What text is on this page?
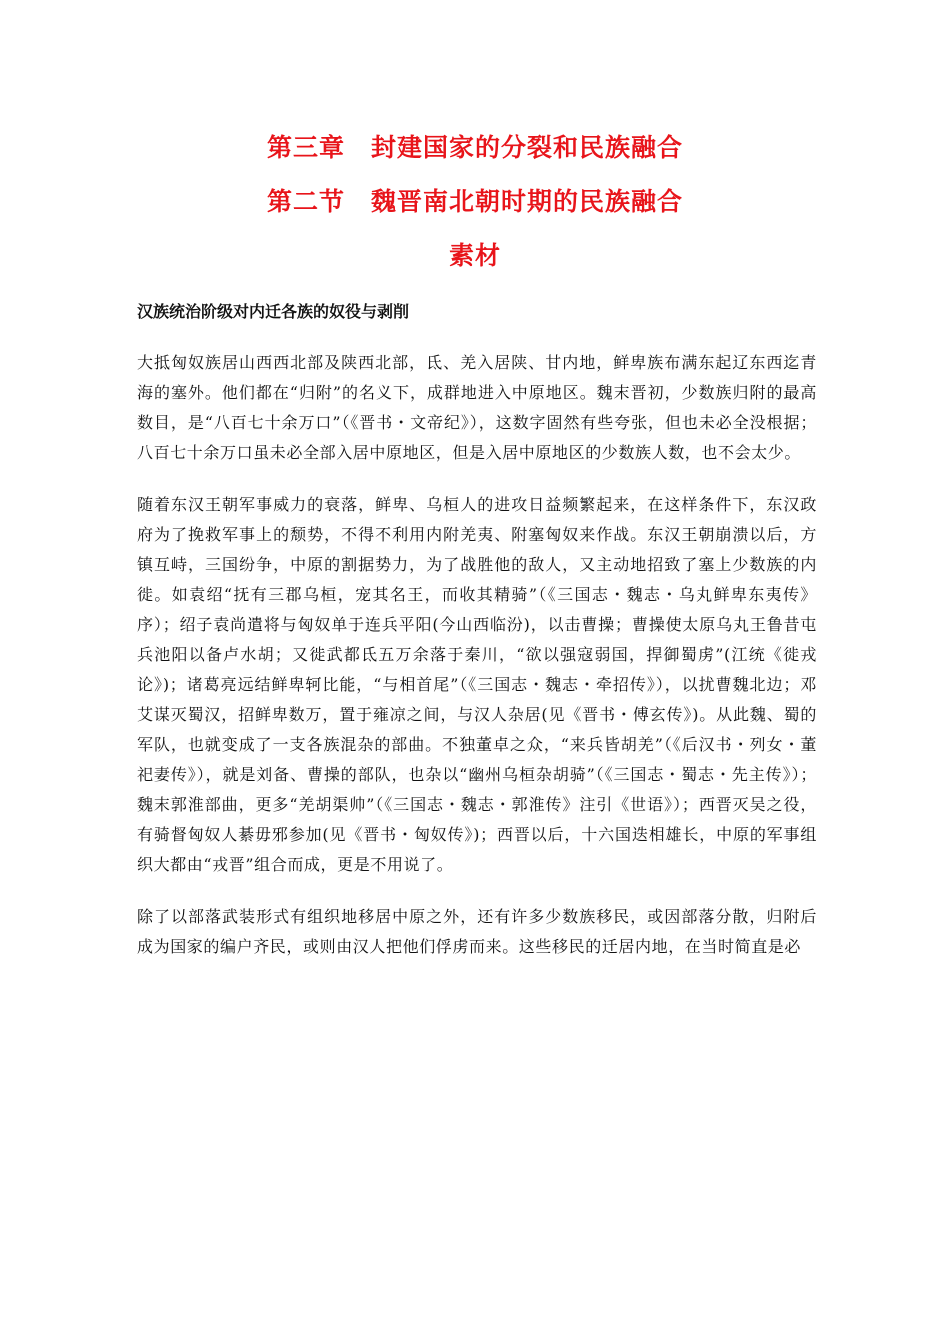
第三章　封建国家的分裂和民族融合
第二节　魏晋南北朝时期的民族融合
素材
汉族统治阶级对内迁各族的奴役与剥削

大抵匈奴族居山西西北部及陕西北部，氐、羌入居陕、甘内地，鲜卑族布满东起辽东西迄青海的塞外。他们都在“归附”的名义下，成群地进入中原地区。魏末晋初，少数族归附的最高数目，是“八百七十余万口”（《晋书・文帝纪》），这数字固然有些夸张，但也未必全没根据；八百七十余万口虽未必全部入居中原地区，但是入居中原地区的少数族人数，也不会太少。

随着东汉王朝军事威力的衰落，鲜卑、乌桓人的进攻日益频繁起来，在这样条件下，东汉政府为了挽救军事上的颓势，不得不利用内附羌夷、附塞匈奴来作战。东汉王朝崩溃以后，方镇互峙，三国纷争，中原的割据势力，为了战胜他的敌人，又主动地招致了塞上少数族的内徙。如袁绍“抚有三郡乌桓，宠其名王，而收其精骑”（《三国志・魏志・乌丸鲜卑东夷传》序）；绍子袁尚遣将与匈奴单于连兵平阳(今山西临汾)，以击曹操；曹操使太原乌丸王鲁昔屯兵池阳以备卢水胡；又徙武都氐五万余落于秦川，“欲以强寇弱国，捍御蜀虏”(江统《徙戎论》)；诸葛亮远结鲜卑轲比能，“与相首尾”（《三国志・魏志・牵招传》），以扰曹魏北边；邓艾谋灭蜀汉，招鲜卑数万，置于雍凉之间，与汉人杂居(见《晋书・傅玄传》)。从此魏、蜀的军队，也就变成了一支各族混杂的部曲。不独董卓之众，“来兵皆胡羌”（《后汉书・列女・董祀妻传》），就是刘备、曹操的部队，也杂以“幽州乌桓杂胡骑”（《三国志・蜀志・先主传》）；魏末郭淮部曲，更多“羌胡渠帅”（《三国志・魏志・郭淮传》注引《世语》）；西晋灭吴之役，有骑督匈奴人綦毋邪参加(见《晋书・匈奴传》)；西晋以后，十六国迭相雄长，中原的军事组织大都由“戎晋”组合而成，更是不用说了。

除了以部落武装形式有组织地移居中原之外，还有许多少数族移民，或因部落分散，归附后成为国家的编户齐民，或则由汉人把他们俘虏而来。这些移民的迁居内地，在当时简直是必
